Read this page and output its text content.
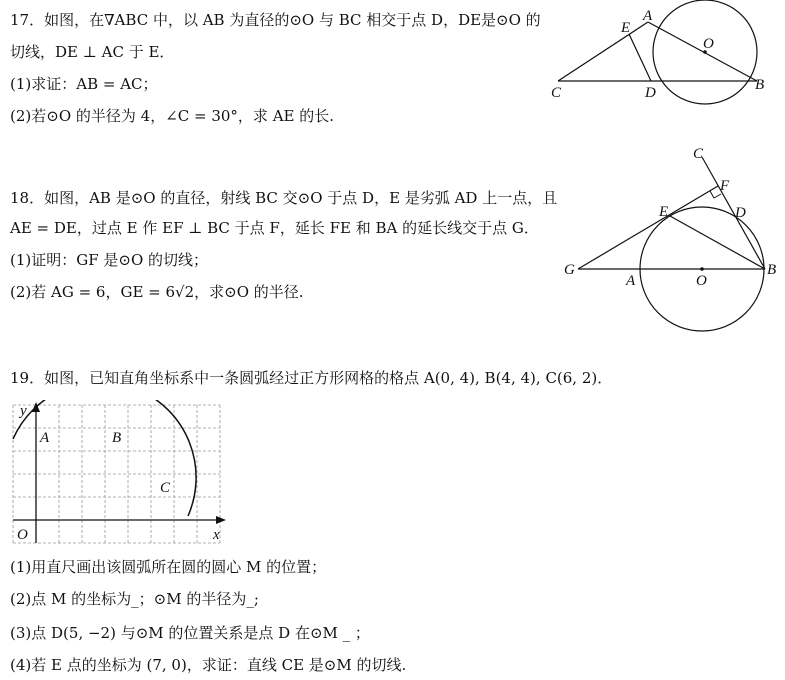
17．如图，在∇ABC 中，以 AB 为直径的⊙O 与 BC 相交于点 D，DE是⊙O 的
切线，DE ⊥ AC 于 E．
(1)求证：AB = AC；
(2)若⊙O 的半径为 4，∠C = 30°，求 AE 的长.
E
A
O
C	D	B
18．如图，AB 是⊙O 的直径，射线 BC 交⊙O 于点 D，E 是劣弧 AD 上一点，且
AE = DE，过点 E 作 EF ⊥ BC 于点 F，延长 FE 和 BA 的延长线交于点 G．
(1)证明：GF 是⊙O 的切线；
(2)若 AG = 6，GE = 6√2，求⊙O 的半径.
C
F
E	D
G
A	O
B
19．如图，已知直角坐标系中一条圆弧经过正方形网格的格点 A(0, 4), B(4, 4), C(6, 2)．
y
A	B
C
O	x
(1)用直尺画出该圆弧所在圆的圆心 M 的位置；
(2)点 M 的坐标为_；⊙M 的半径为_;
(3)点 D(5, −2) 与⊙M 的位置关系是点 D 在⊙M _ ；
(4)若 E 点的坐标为 (7, 0)，求证：直线 CE 是⊙M 的切线.
